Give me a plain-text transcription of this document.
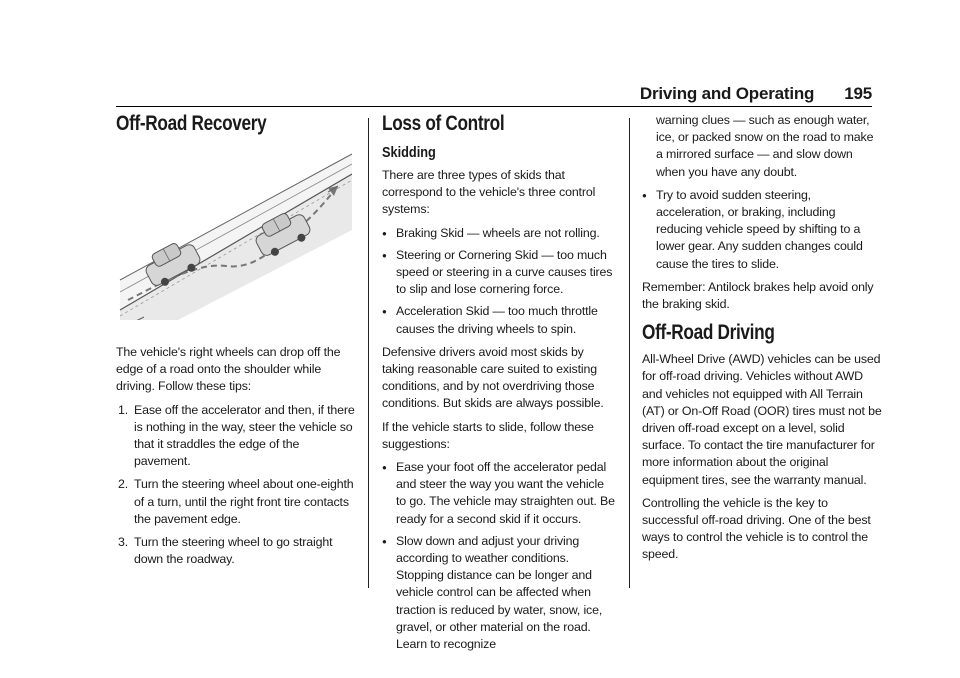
Driving and Operating 195
Off-Road Recovery

The vehicle's right wheels can drop off the edge of a road onto the shoulder while driving. Follow these tips:

1. Ease off the accelerator and then, if there is nothing in the way, steer the vehicle so that it straddles the edge of the pavement.
2. Turn the steering wheel about one-eighth of a turn, until the right front tire contacts the pavement edge.
3. Turn the steering wheel to go straight down the roadway.
Loss of Control
Skidding

There are three types of skids that correspond to the vehicle's three control systems:

● Braking Skid — wheels are not rolling.
● Steering or Cornering Skid — too much speed or steering in a curve causes tires to slip and lose cornering force.
● Acceleration Skid — too much throttle causes the driving wheels to spin.

Defensive drivers avoid most skids by taking reasonable care suited to existing conditions, and by not overdriving those conditions. But skids are always possible.

If the vehicle starts to slide, follow these suggestions:

● Ease your foot off the accelerator pedal and steer the way you want the vehicle to go. The vehicle may straighten out. Be ready for a second skid if it occurs.
● Slow down and adjust your driving according to weather conditions. Stopping distance can be longer and vehicle control can be affected when traction is reduced by water, snow, ice, gravel, or other material on the road. Learn to recognize

warning clues — such as enough water, ice, or packed snow on the road to make a mirrored surface — and slow down when you have any doubt.

● Try to avoid sudden steering, acceleration, or braking, including reducing vehicle speed by shifting to a lower gear. Any sudden changes could cause the tires to slide.

Remember: Antilock brakes help avoid only the braking skid.

Off-Road Driving

All-Wheel Drive (AWD) vehicles can be used for off-road driving. Vehicles without AWD and vehicles not equipped with All Terrain (AT) or On-Off Road (OOR) tires must not be driven off-road except on a level, solid surface. To contact the tire manufacturer for more information about the original equipment tires, see the warranty manual.

Controlling the vehicle is the key to successful off-road driving. One of the best ways to control the vehicle is to control the speed.
